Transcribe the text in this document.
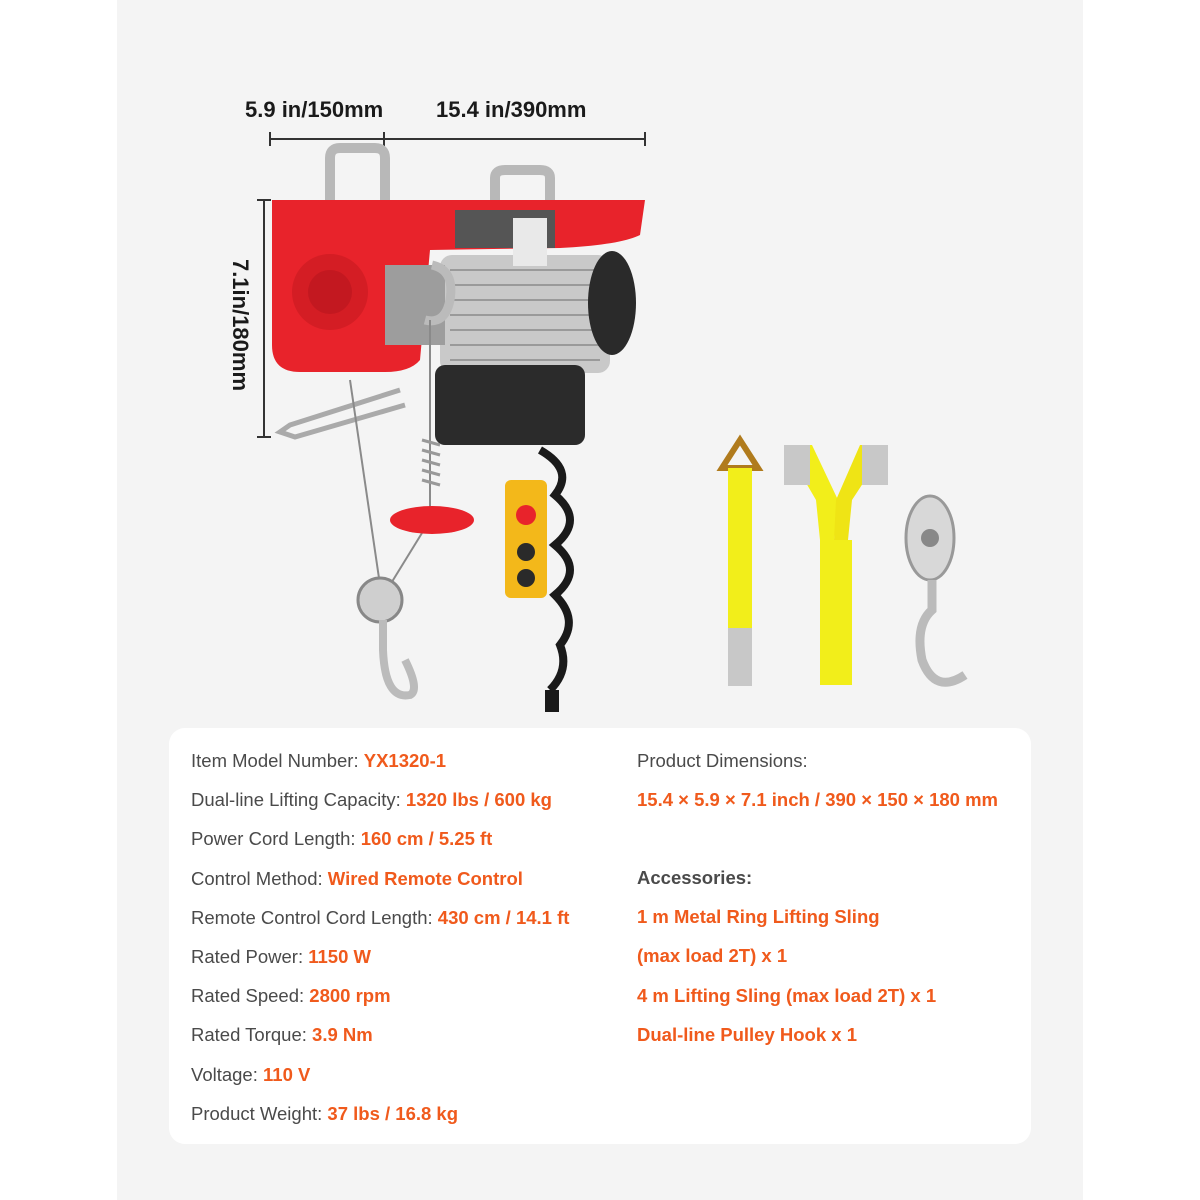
5.9 in/150mm 15.4 in/390mm
7.1in/180mm
Item Model Number: YX1320-1
Dual-line Lifting Capacity: 1320 lbs / 600 kg
Power Cord Length: 160 cm / 5.25 ft
Control Method: Wired Remote Control
Remote Control Cord Length: 430 cm / 14.1 ft
Rated Power: 1150 W
Rated Speed: 2800 rpm
Rated Torque: 3.9 Nm
Voltage: 110 V
Product Weight: 37 lbs / 16.8 kg
Product Dimensions:
15.4 × 5.9 × 7.1 inch / 390 × 150 × 180 mm
Accessories:
1 m Metal Ring Lifting Sling
(max load 2T) x 1
4 m Lifting Sling (max load 2T) x 1
Dual-line Pulley Hook x 1
